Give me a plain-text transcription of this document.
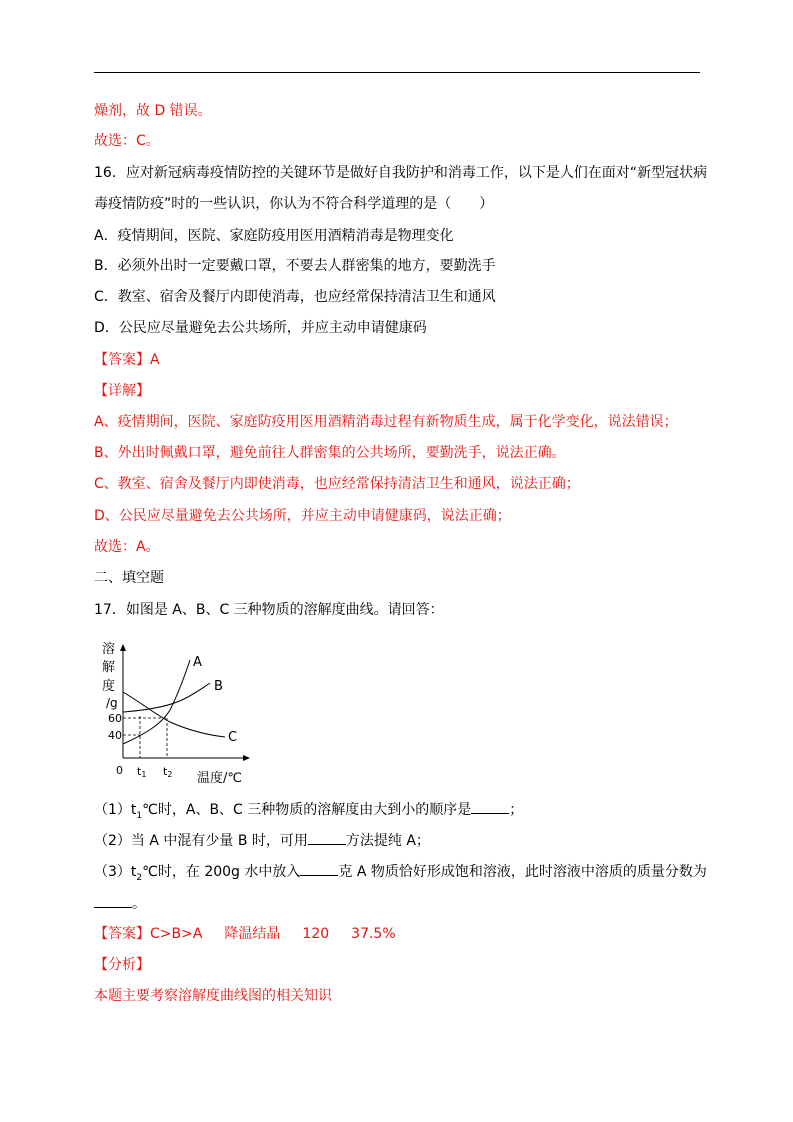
燥剂，故 D 错误。
故选：C。
16．应对新冠病毒疫情防控的关键环节是做好自我防护和消毒工作，以下是人们在面对“新型冠状病
毒疫情防疫”时的一些认识，你认为不符合科学道理的是（　　）
A．疫情期间，医院、家庭防疫用医用酒精消毒是物理变化
B．必须外出时一定要戴口罩，不要去人群密集的地方，要勤洗手
C．教室、宿舍及餐厅内即使消毒，也应经常保持清洁卫生和通风
D．公民应尽量避免去公共场所，并应主动申请健康码
【答案】A
【详解】
A、疫情期间，医院、家庭防疫用医用酒精消毒过程有新物质生成，属于化学变化，说法错误；
B、外出时佩戴口罩，避免前往人群密集的公共场所，要勤洗手，说法正确。
C、教室、宿舍及餐厅内即使消毒，也应经常保持清洁卫生和通风，说法正确；
D、公民应尽量避免去公共场所，并应主动申请健康码，说法正确；
故选：A。
二、填空题
17．如图是 A、B、C 三种物质的溶解度曲线。请回答：
溶
解
度
/g
60
40
0 t1 t2 温度/℃
A
B
C
$(1)t_1℃$时，A、B、C 三种物质的溶解度由大到小的顺序是	；
（2）当 A 中混有少量 B 时，可用	方法提纯 A；
$(3)t_2℃$时，在 200g 水中放入	克 A 物质恰好形成饱和溶液，此时溶液中溶质的质量分数为
。
【答案】C>B>A 降温结晶 120 37.5%
【分析】
本题主要考察溶解度曲线图的相关知识
